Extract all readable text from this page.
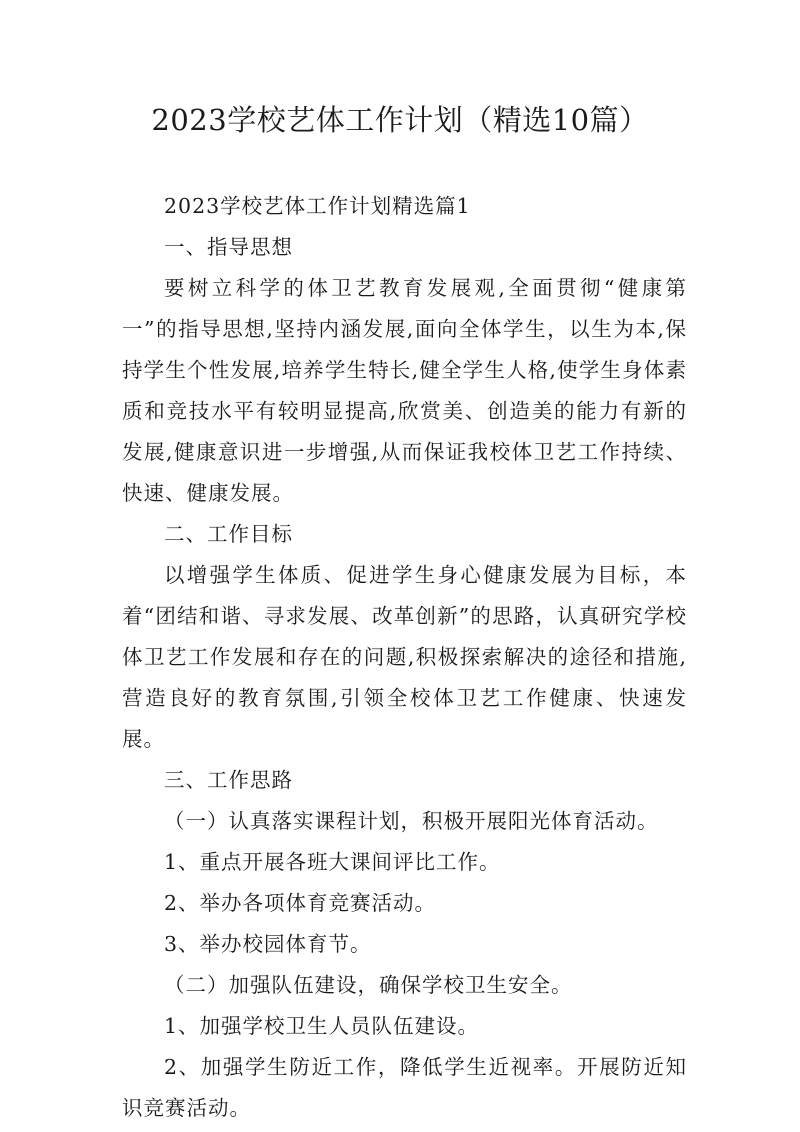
2023学校艺体工作计划（精选10篇）

2023学校艺体工作计划精选篇1

一、指导思想

要树立科学的体卫艺教育发展观,全面贯彻“健康第一”的指导思想,坚持内涵发展,面向全体学生，以生为本,保持学生个性发展,培养学生特长,健全学生人格,使学生身体素质和竞技水平有较明显提高,欣赏美、创造美的能力有新的发展,健康意识进一步增强,从而保证我校体卫艺工作持续、快速、健康发展。

二、工作目标

以增强学生体质、促进学生身心健康发展为目标，本着“团结和谐、寻求发展、改革创新”的思路，认真研究学校体卫艺工作发展和存在的问题,积极探索解决的途径和措施,营造良好的教育氛围,引领全校体卫艺工作健康、快速发展。

三、工作思路

（一）认真落实课程计划，积极开展阳光体育活动。

1、重点开展各班大课间评比工作。

2、举办各项体育竞赛活动。

3、举办校园体育节。

（二）加强队伍建设，确保学校卫生安全。

1、加强学校卫生人员队伍建设。

2、加强学生防近工作，降低学生近视率。开展防近知识竞赛活动。
